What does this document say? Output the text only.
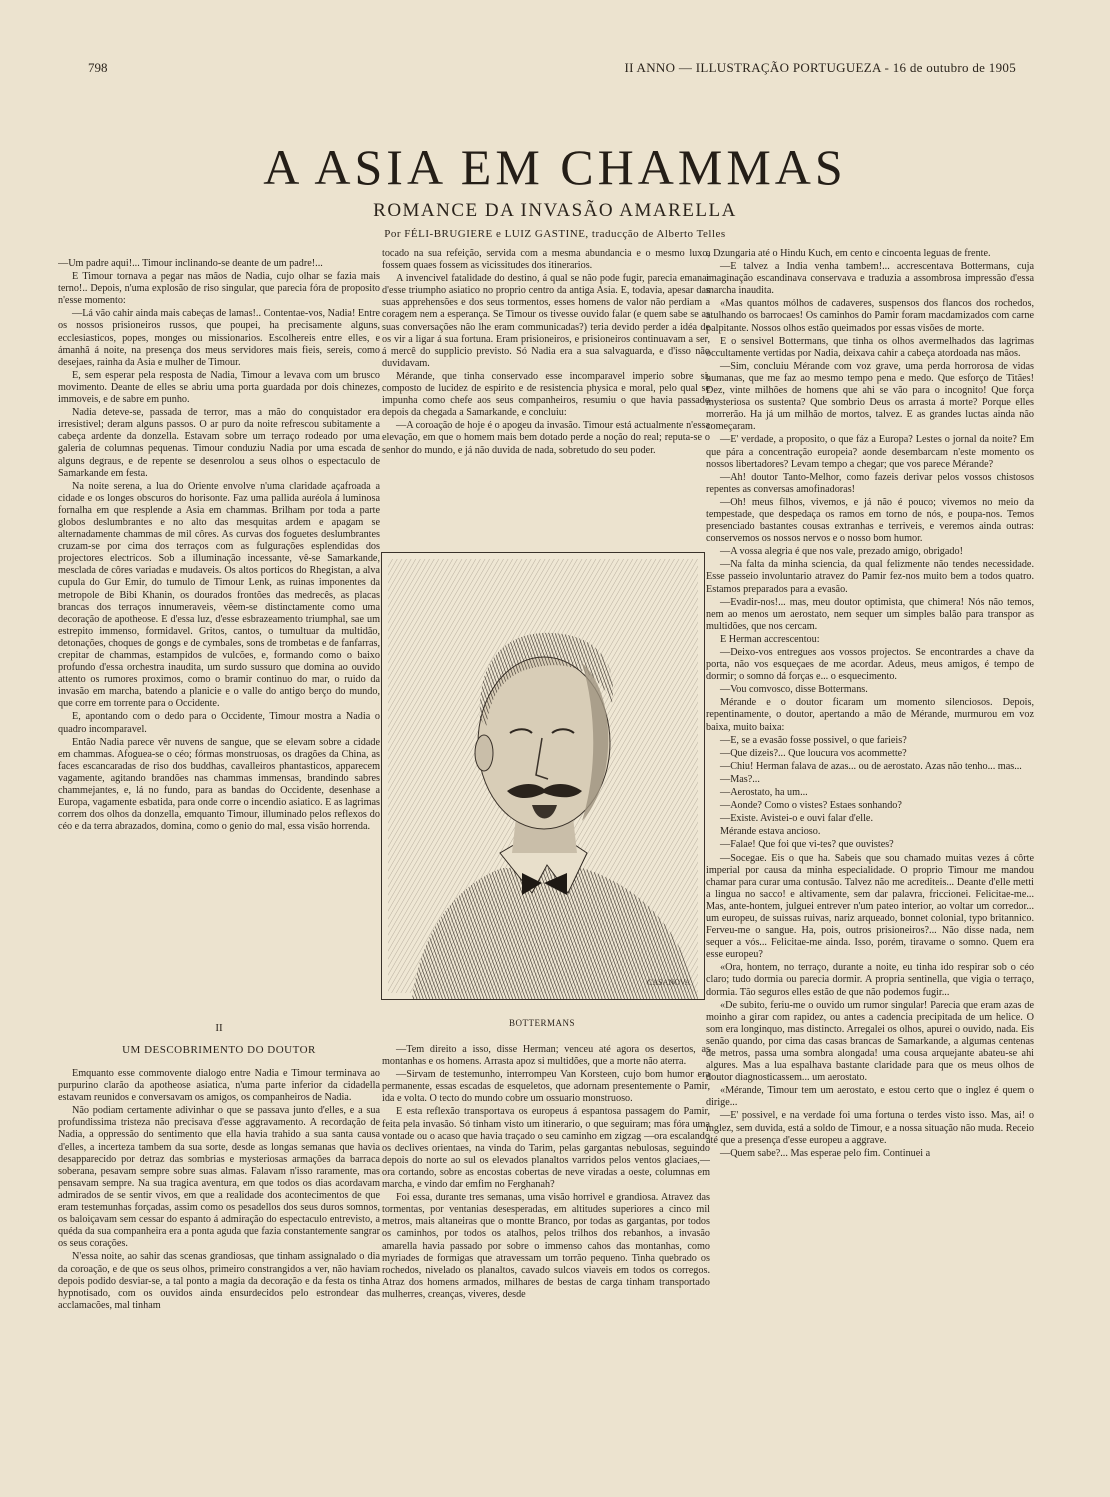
798	II ANNO — ILLUSTRAÇÃO PORTUGUEZA - 16 de outubro de 1905
A ASIA EM CHAMMAS
ROMANCE DA INVASÃO AMARELLA
Por FÉLI-BRUGIERE e LUIZ GASTINE, traducção de Alberto Telles

—Um padre aqui!... Timour inclinando-se deante de um padre!...

E Timour tornava a pegar nas mãos de Nadia, cujo olhar se fazia mais terno!.. Depois, n'uma explosão de riso singular, que parecia fóra de proposito n'esse momento:

—Lá vão cahir ainda mais cabeças de lamas!.. Contentae-vos, Nadia! Entre os nossos prisioneiros russos, que poupei, ha precisamente alguns, ecclesiasticos, popes, monges ou missionarios. Escolhereis entre elles, e ámanhã á noite, na presença dos meus servidores mais fieis, sereis, como desejaes, rainha da Asia e mulher de Timour.

E, sem esperar pela resposta de Nadia, Timour a levava com um brusco movimento. Deante de elles se abriu uma porta guardada por dois chinezes, immoveis, e de sabre em punho.

Nadia deteve-se, passada de terror, mas a mão do conquistador era irresistivel; deram alguns passos. O ar puro da noite refrescou subitamente a cabeça ardente da donzella. Estavam sobre um terraço rodeado por uma galeria de columnas pequenas. Timour conduziu Nadia por uma escada de alguns degraus, e de repente se desenrolou a seus olhos o espectaculo de Samarkande em festa.

Na noite serena, a lua do Oriente envolve n'uma claridade açafroada a cidade e os longes obscuros do horisonte. Faz uma pallida auréola á luminosa fornalha em que resplende a Asia em chammas. Brilham por toda a parte globos deslumbrantes e no alto das mesquitas ardem e apagam se alternadamente chammas de mil côres. As curvas dos foguetes deslumbrantes cruzam-se por cima dos terraços com as fulgurações esplendidas dos projectores electricos. Sob a illuminação incessante, vê-se Samarkande, mesclada de côres variadas e mudaveis. Os altos porticos do Rhegistan, a alva cupula do Gur Emir, do tumulo de Timour Lenk, as ruinas imponentes da metropole de Bibi Khanin, os dourados frontões das medrecês, as placas brancas dos terraços innumeraveis, vêem-se distinctamente como uma decoração de apotheose. E d'essa luz, d'esse esbrazeamento triumphal, sae um estrepito immenso, formidavel. Gritos, cantos, o tumultuar da multidão, detonações, choques de gongs e de cymbales, sons de trombetas e de fanfarras, crepitar de chammas, estampidos de vulcões, e, formando como o baixo profundo d'essa orchestra inaudita, um surdo sussuro que domina ao ouvido attento os rumores proximos, como o bramir continuo do mar, o ruido da invasão em marcha, batendo a planicie e o valle do antigo berço do mundo, que corre em torrente para o Occidente.

E, apontando com o dedo para o Occidente, Timour mostra a Nadia o quadro incomparavel.

Então Nadia parece vêr nuvens de sangue, que se elevam sobre a cidade em chammas. Afoguea-se o céo; fórmas monstruosas, os dragões da China, as faces escancaradas de riso dos buddhas, cavalleiros phantasticos, apparecem vagamente, agitando brandões nas chammas immensas, brandindo sabres chammejantes, e, lá no fundo, para as bandas do Occidente, desenhase a Europa, vagamente esbatida, para onde corre o incendio asiatico. E as lagrimas correm dos olhos da donzella, emquanto Timour, illuminado pelos reflexos do céo e da terra abrazados, domina, como o genio do mal, essa visão horrenda.

II
UM DESCOBRIMENTO DO DOUTOR

Emquanto esse commovente dialogo entre Nadia e Timour terminava ao purpurino clarão da apotheose asiatica, n'uma parte inferior da cidadella estavam reunidos e conversavam os amigos, os companheiros de Nadia.

Não podiam certamente adivinhar o que se passava junto d'elles, e a sua profundissima tristeza não precisava d'esse aggravamento. A recordação de Nadia, a oppressão do sentimento que ella havia trahido a sua santa causa d'elles, a incerteza tambem da sua sorte, desde as longas semanas que havia desapparecido por detraz das sombrias e mysteriosas armações da barraca soberana, pesavam sempre sobre suas almas. Falavam n'isso raramente, mas pensavam sempre. Na sua tragica aventura, em que todos os dias acordavam admirados de se sentir vivos, em que a realidade dos acontecimentos de que eram testemunhas forçadas, assim como os pesadellos dos seus duros somnos, os baloiçavam sem cessar do espanto á admiração do espectaculo entrevisto, a quéda da sua companheira era a ponta aguda que fazia constantemente sangrar os seus corações.

N'essa noite, ao sahir das scenas grandiosas, que tinham assignalado o dia da coroação, e de que os seus olhos, primeiro constrangidos a ver, não haviam depois podido desviar-se, a tal ponto a magia da decoração e da festa os tinha hypnotisado, com os ouvidos ainda ensurdecidos pelo estrondear das acclamacões, mal tinham

tocado na sua refeição, servida com a mesma abundancia e o mesmo luxo, fossem quaes fossem as vicissitudes dos itinerarios.

A invencivel fatalidade do destino, á qual se não pode fugir, parecia emanar d'esse triumpho asiatico no proprio centro da antiga Asia. E, todavia, apesar das suas apprehensões e dos seus tormentos, esses homens de valor não perdiam a coragem nem a esperança. Se Timour os tivesse ouvido falar (e quem sabe se as suas conversações não lhe eram communicadas?) teria devido perder a idéa de os vir a ligar á sua fortuna. Eram prisioneiros, e prisioneiros continuavam a ser, á mercê do supplicio previsto. Só Nadia era a sua salvaguarda, e d'isso não duvidavam.

Mérande, que tinha conservado esse incomparavel imperio sobre si, composto de lucidez de espirito e de resistencia physica e moral, pelo qual se impunha como chefe aos seus companheiros, resumiu o que havia passado depois da chegada a Samarkande, e concluiu:

—A coroação de hoje é o apogeu da invasão. Timour está actualmente n'essa elevação, em que o homem mais bem dotado perde a noção do real; reputa-se o senhor do mundo, e já não duvida de nada, sobretudo do seu poder.

CASANOVA
BOTTERMANS

—Tem direito a isso, disse Herman; venceu até agora os desertos, as montanhas e os homens. Arrasta apoz si multidões, que a morte não aterra.

—Sirvam de testemunho, interrompeu Van Korsteen, cujo bom humor era permanente, essas escadas de esqueletos, que adornam presentemente o Pamir, ida e volta. O tecto do mundo cobre um ossuario monstruoso.

E esta reflexão transportava os europeus á espantosa passagem do Pamir, feita pela invasão. Só tinham visto um itinerario, o que seguiram; mas fóra uma vontade ou o acaso que havia traçado o seu caminho em zigzag —ora escalando os declives orientaes, na vinda do Tarim, pelas gargantas nebulosas, seguindo depois do norte ao sul os elevados planaltos varridos pelos ventos glaciaes,—ora cortando, sobre as encostas cobertas de neve viradas a oeste, columnas em marcha, e vindo dar emfim no Ferghanah?

Foi essa, durante tres semanas, uma visão horrivel e grandiosa. Atravez das tormentas, por ventanias desesperadas, em altitudes superiores a cinco mil metros, mais altaneiras que o montte Branco, por todas as gargantas, por todos os caminhos, por todos os atalhos, pelos trilhos dos rebanhos, a invasão amarella havia passado por sobre o immenso cahos das montanhas, como myriades de formigas que atravessam um torrão pequeno. Tinha quebrado os rochedos, nivelado os planaltos, cavado sulcos viaveis em todos os corregos. Atraz dos homens armados, milhares de bestas de carga tinham transportado mulherres, creanças, viveres, desde

a Dzungaria até o Hindu Kuch, em cento e cincoenta leguas de frente.

—E talvez a India venha tambem!... accrescentava Bottermans, cuja imaginação escandinava conservava e traduzia a assombrosa impressão d'essa marcha inaudita.

«Mas quantos mólhos de cadaveres, suspensos dos flancos dos rochedos, atulhando os barrocaes! Os caminhos do Pamir foram macdamizados com carne palpitante. Nossos olhos estão queimados por essas visões de morte.

E o sensivel Bottermans, que tinha os olhos avermelhados das lagrimas occultamente vertidas por Nadia, deixava cahir a cabeça atordoada nas mãos.

—Sim, concluiu Mérande com voz grave, uma perda horrorosa de vidas humanas, que me faz ao mesmo tempo pena e medo. Que esforço de Titães! Dez, vinte milhões de homens que ahi se vão para o incognito! Que força mysteriosa os sustenta? Que sombrio Deus os arrasta á morte? Porque elles morrerão. Ha já um milhão de mortos, talvez. E as grandes luctas ainda não começaram.

—E' verdade, a proposito, o que fáz a Europa? Lestes o jornal da noite? Em que pára a concentração europeia? aonde desembarcam n'este momento os nossos libertadores? Levam tempo a chegar; que vos parece Mérande?

—Ah! doutor Tanto-Melhor, como fazeis derivar pelos vossos chistosos repentes as conversas amofinadoras!

—Oh! meus filhos, vivemos, e já não é pouco; vivemos no meio da tempestade, que despedaça os ramos em torno de nós, e poupa-nos. Temos presenciado bastantes cousas extranhas e terriveis, e veremos ainda outras: conservemos os nossos nervos e o nosso bom humor.

—A vossa alegria é que nos vale, prezado amigo, obrigado!

—Na falta da minha sciencia, da qual felizmente não tendes necessidade. Esse passeio involuntario atravez do Pamir fez-nos muito bem a todos quatro. Estamos preparados para a evasão.

—Evadir-nos!... mas, meu doutor optimista, que chimera! Nós não temos, nem ao menos um aerostato, nem sequer um simples balão para transpor as multidões, que nos cercam.

E Herman accrescentou:

—Deixo-vos entregues aos vossos projectos. Se encontrardes a chave da porta, não vos esqueçaes de me acordar. Adeus, meus amigos, é tempo de dormir; o somno dá forças e... o esquecimento.

—Vou comvosco, disse Bottermans.

Mérande e o doutor ficaram um momento silenciosos. Depois, repentinamente, o doutor, apertando a mão de Mérande, murmurou em voz baixa, muito baixa:

—E, se a evasão fosse possivel, o que farieis?

—Que dizeis?... Que loucura vos acommette?

—Chiu! Herman falava de azas... ou de aerostato. Azas não tenho... mas...

—Mas?...

—Aerostato, ha um...

—Aonde? Como o vistes? Estaes sonhando?

—Existe. Avistei-o e ouvi falar d'elle.

Mérande estava ancioso.

—Falae! Que foi que vi-tes? que ouvistes?

—Socegae. Eis o que ha. Sabeis que sou chamado muitas vezes á côrte imperial por causa da minha especialidade. O proprio Timour me mandou chamar para curar uma contusão. Talvez não me acrediteis... Deante d'elle metti a lingua no sacco! e altivamente, sem dar palavra, friccionei. Felicitae-me... Mas, ante-hontem, julguei entrever n'um pateo interior, ao voltar um corredor... um europeu, de suissas ruivas, nariz arqueado, bonnet colonial, typo britannico. Ferveu-me o sangue. Ha, pois, outros prisioneiros?... Não disse nada, nem sequer a vós... Felicitae-me ainda. Isso, porém, tiravame o somno. Quem era esse europeu?

«Ora, hontem, no terraço, durante a noite, eu tinha ido respirar sob o céo claro; tudo dormia ou parecia dormir. A propria sentinella, que vigia o terraço, dormia. Tão seguros elles estão de que não podemos fugir...

«De subito, feriu-me o ouvido um rumor singular! Parecia que eram azas de moinho a girar com rapidez, ou antes a cadencia precipitada de um helice. O som era longinquo, mas distincto. Arregalei os olhos, apurei o ouvido, nada. Eis senão quando, por cima das casas brancas de Samarkande, a algumas centenas de metros, passa uma sombra alongada! uma cousa arquejante abateu-se ahi algures. Mas a lua espalhava bastante claridade para que os meus olhos de doutor diagnosticassem... um aerostato.

«Mérande, Timour tem um aerostato, e estou certo que o inglez é quem o dirige...

—E' possivel, e na verdade foi uma fortuna o terdes visto isso. Mas, ai! o inglez, sem duvida, está a soldo de Timour, e a nossa situação não muda. Receio até que a presença d'esse europeu a aggrave.

—Quem sabe?... Mas esperae pelo fim. Continuei a
